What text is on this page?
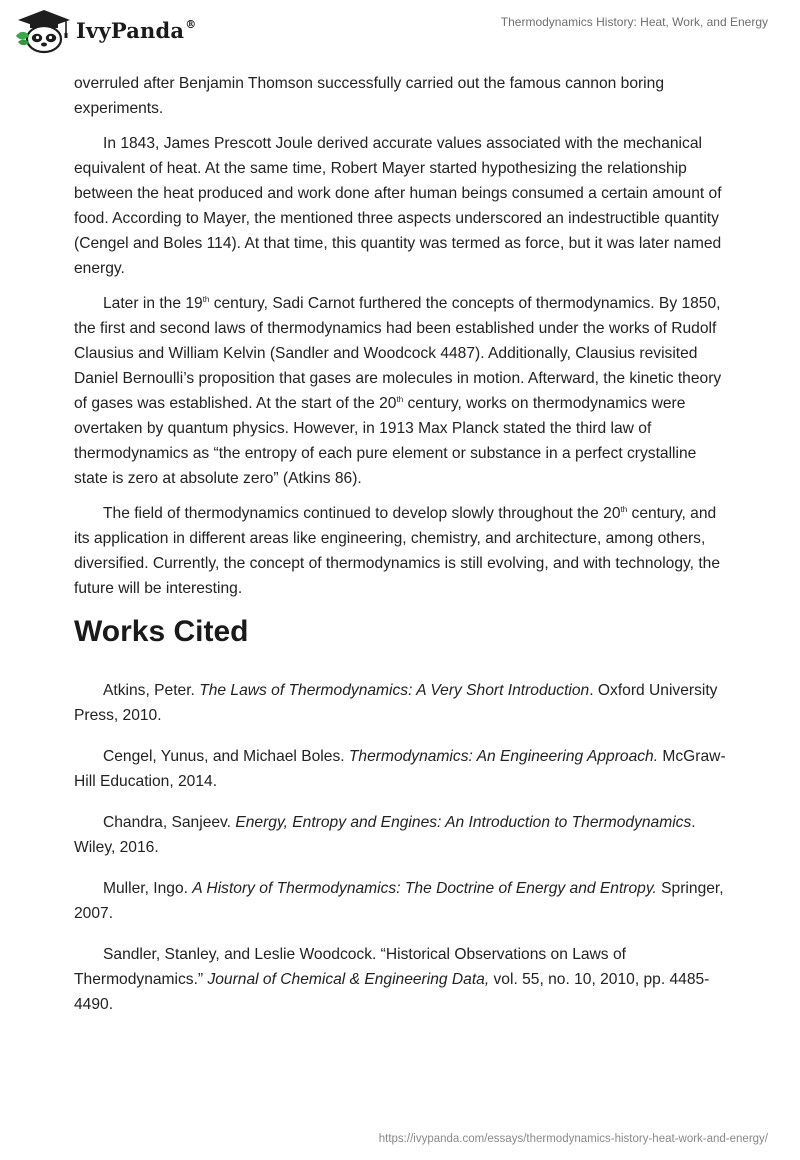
IvyPanda®	Thermodynamics History: Heat, Work, and Energy

overruled after Benjamin Thomson successfully carried out the famous cannon boring experiments.

In 1843, James Prescott Joule derived accurate values associated with the mechanical equivalent of heat. At the same time, Robert Mayer started hypothesizing the relationship between the heat produced and work done after human beings consumed a certain amount of food. According to Mayer, the mentioned three aspects underscored an indestructible quantity (Cengel and Boles 114). At that time, this quantity was termed as force, but it was later named energy.

Later in the 19th century, Sadi Carnot furthered the concepts of thermodynamics. By 1850, the first and second laws of thermodynamics had been established under the works of Rudolf Clausius and William Kelvin (Sandler and Woodcock 4487). Additionally, Clausius revisited Daniel Bernoulli’s proposition that gases are molecules in motion. Afterward, the kinetic theory of gases was established. At the start of the 20th century, works on thermodynamics were overtaken by quantum physics. However, in 1913 Max Planck stated the third law of thermodynamics as “the entropy of each pure element or substance in a perfect crystalline state is zero at absolute zero” (Atkins 86).

The field of thermodynamics continued to develop slowly throughout the 20th century, and its application in different areas like engineering, chemistry, and architecture, among others, diversified. Currently, the concept of thermodynamics is still evolving, and with technology, the future will be interesting.

Works Cited

Atkins, Peter. The Laws of Thermodynamics: A Very Short Introduction. Oxford University Press, 2010.

Cengel, Yunus, and Michael Boles. Thermodynamics: An Engineering Approach. McGraw-Hill Education, 2014.

Chandra, Sanjeev. Energy, Entropy and Engines: An Introduction to Thermodynamics. Wiley, 2016.

Muller, Ingo. A History of Thermodynamics: The Doctrine of Energy and Entropy. Springer, 2007.

Sandler, Stanley, and Leslie Woodcock. “Historical Observations on Laws of Thermodynamics.” Journal of Chemical & Engineering Data, vol. 55, no. 10, 2010, pp. 4485-4490.

https://ivypanda.com/essays/thermodynamics-history-heat-work-and-energy/
